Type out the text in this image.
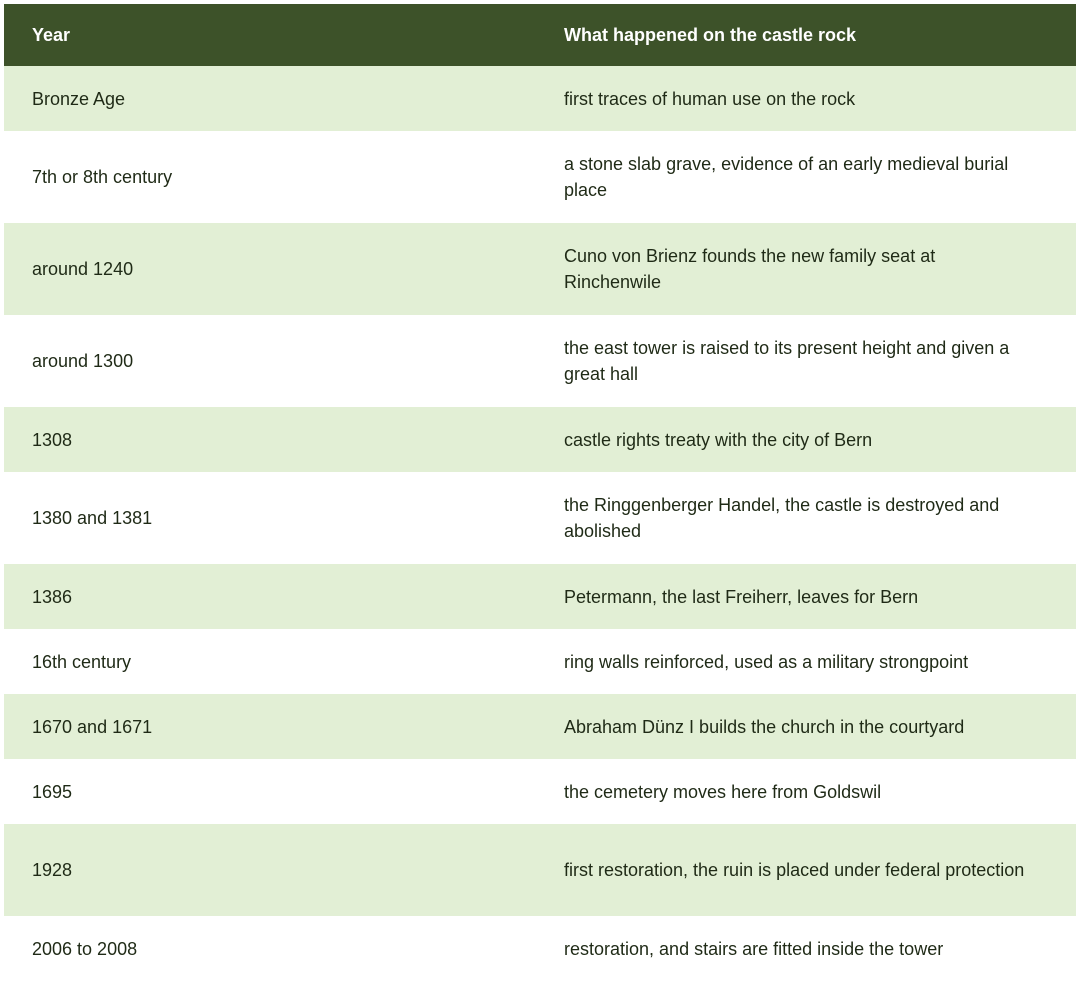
Year	What happened on the castle rock
Bronze Age	first traces of human use on the rock
7th or 8th century	a stone slab grave, evidence of an early medieval burial place
around 1240	Cuno von Brienz founds the new family seat at Rinchenwile
around 1300	the east tower is raised to its present height and given a great hall
1308	castle rights treaty with the city of Bern
1380 and 1381	the Ringgenberger Handel, the castle is destroyed and abolished
1386	Petermann, the last Freiherr, leaves for Bern
16th century	ring walls reinforced, used as a military strongpoint
1670 and 1671	Abraham Dünz I builds the church in the courtyard
1695	the cemetery moves here from Goldswil
1928	first restoration, the ruin is placed under federal protection
2006 to 2008	restoration, and stairs are fitted inside the tower
